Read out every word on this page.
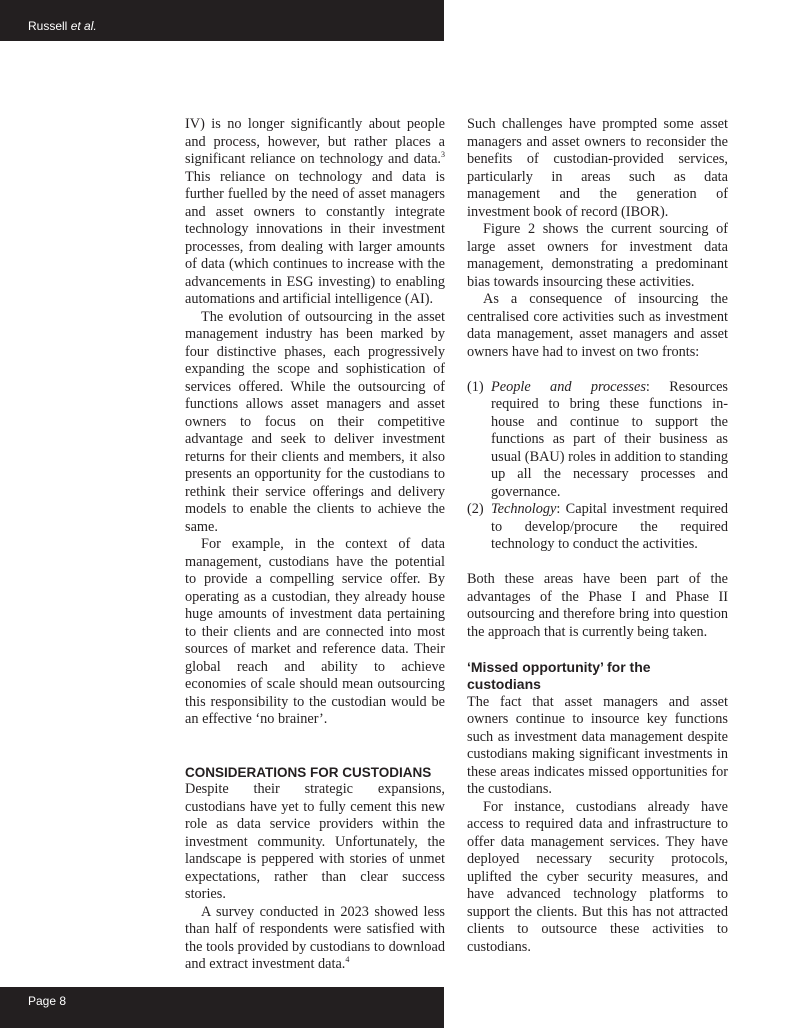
Russell et al.

IV) is no longer significantly about people and process, however, but rather places a significant reliance on technology and data.$^3$ This reliance on technology and data is further fuelled by the need of asset managers and asset owners to constantly integrate technology innovations in their investment processes, from dealing with larger amounts of data (which continues to increase with the advancements in ESG investing) to enabling automations and artificial intelligence (AI).

The evolution of outsourcing in the asset management industry has been marked by four distinctive phases, each progressively expanding the scope and sophistication of services offered. While the outsourcing of functions allows asset managers and asset owners to focus on their competitive advantage and seek to deliver investment returns for their clients and members, it also presents an opportunity for the custodians to rethink their service offerings and delivery models to enable the clients to achieve the same.

For example, in the context of data management, custodians have the potential to provide a compelling service offer. By operating as a custodian, they already house huge amounts of investment data pertaining to their clients and are connected into most sources of market and reference data. Their global reach and ability to achieve economies of scale should mean outsourcing this responsibility to the custodian would be an effective ‘no brainer’.

CONSIDERATIONS FOR CUSTODIANS

Despite their strategic expansions, custodians have yet to fully cement this new role as data service providers within the investment community. Unfortunately, the landscape is peppered with stories of unmet expectations, rather than clear success stories.

A survey conducted in 2023 showed less than half of respondents were satisfied with the tools provided by custodians to download and extract investment data.$^4$

Such challenges have prompted some asset managers and asset owners to reconsider the benefits of custodian-provided services, particularly in areas such as data management and the generation of investment book of record (IBOR).

Figure 2 shows the current sourcing of large asset owners for investment data management, demonstrating a predominant bias towards insourcing these activities.

As a consequence of insourcing the centralised core activities such as investment data management, asset managers and asset owners have had to invest on two fronts:

(1) People and processes: Resources required to bring these functions in-house and continue to support the functions as part of their business as usual (BAU) roles in addition to standing up all the necessary processes and governance.
(2) Technology: Capital investment required to develop/procure the required technology to conduct the activities.

Both these areas have been part of the advantages of the Phase I and Phase II outsourcing and therefore bring into question the approach that is currently being taken.

‘Missed opportunity’ for the custodians

The fact that asset managers and asset owners continue to insource key functions such as investment data management despite custodians making significant investments in these areas indicates missed opportunities for the custodians.

For instance, custodians already have access to required data and infrastructure to offer data management services. They have deployed necessary security protocols, uplifted the cyber security measures, and have advanced technology platforms to support the clients. But this has not attracted clients to outsource these activities to custodians.

Page 8
